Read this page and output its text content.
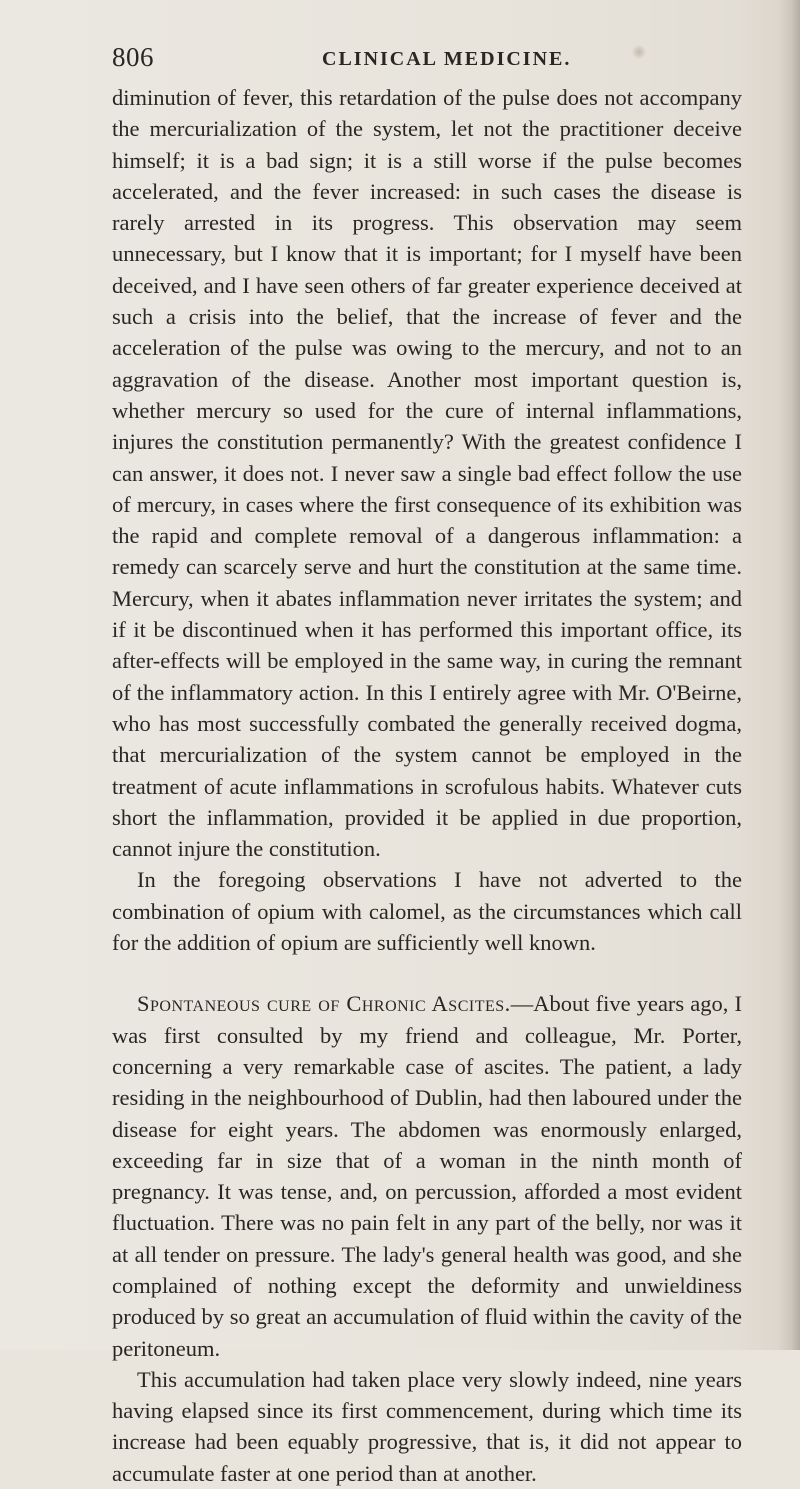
806	CLINICAL MEDICINE.

diminution of fever, this retardation of the pulse does not accompany the mercurialization of the system, let not the practitioner deceive himself; it is a bad sign; it is a still worse if the pulse becomes accelerated, and the fever increased: in such cases the disease is rarely arrested in its progress. This observation may seem unnecessary, but I know that it is important; for I myself have been deceived, and I have seen others of far greater experience deceived at such a crisis into the belief, that the increase of fever and the acceleration of the pulse was owing to the mercury, and not to an aggravation of the disease. Another most important question is, whether mercury so used for the cure of internal inflammations, injures the constitution permanently? With the greatest confidence I can answer, it does not. I never saw a single bad effect follow the use of mercury, in cases where the first consequence of its exhibition was the rapid and complete removal of a dangerous inflammation: a remedy can scarcely serve and hurt the constitution at the same time. Mercury, when it abates inflammation never irritates the system; and if it be discontinued when it has performed this important office, its after-effects will be employed in the same way, in curing the remnant of the inflammatory action. In this I entirely agree with Mr. O'Beirne, who has most successfully combated the generally received dogma, that mercurialization of the system cannot be employed in the treatment of acute inflammations in scrofulous habits. Whatever cuts short the inflammation, provided it be applied in due proportion, cannot injure the constitution.

In the foregoing observations I have not adverted to the combination of opium with calomel, as the circumstances which call for the addition of opium are sufficiently well known.

Spontaneous cure of Chronic Ascites.—About five years ago, I was first consulted by my friend and colleague, Mr. Porter, concerning a very remarkable case of ascites. The patient, a lady residing in the neighbourhood of Dublin, had then laboured under the disease for eight years. The abdomen was enormously enlarged, exceeding far in size that of a woman in the ninth month of pregnancy. It was tense, and, on percussion, afforded a most evident fluctuation. There was no pain felt in any part of the belly, nor was it at all tender on pressure. The lady's general health was good, and she complained of nothing except the deformity and unwieldiness produced by so great an accumulation of fluid within the cavity of the peritoneum.

This accumulation had taken place very slowly indeed, nine years having elapsed since its first commencement, during which time its increase had been equably progressive, that is, it did not appear to accumulate faster at one period than at another.
